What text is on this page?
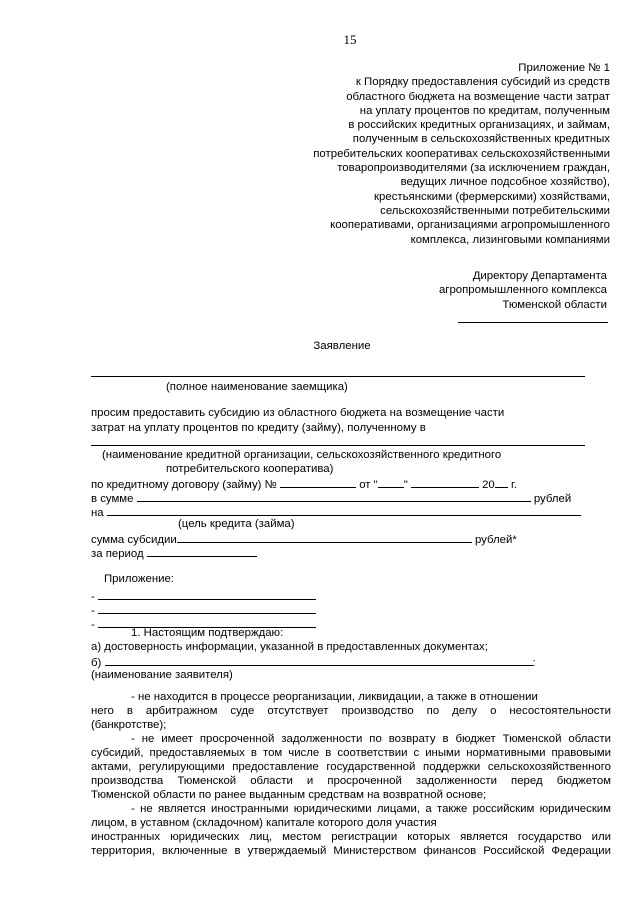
15
Приложение № 1
к Порядку предоставления субсидий из средств
областного бюджета на возмещение части затрат
на уплату процентов по кредитам, полученным
в российских кредитных организациях, и займам,
полученным в сельскохозяйственных кредитных
потребительских кооперативах сельскохозяйственными
товаропроизводителями (за исключением граждан,
ведущих личное подсобное хозяйство),
крестьянскими (фермерскими) хозяйствами,
сельскохозяйственными потребительскими
кооперативами, организациями агропромышленного
комплекса, лизинговыми компаниями
Директору Департамента
агропромышленного комплекса
Тюменской области
Заявление
(полное наименование заемщика)
просим предоставить субсидию из областного бюджета на возмещение части
затрат на уплату процентов по кредиту (займу), полученному в
(наименование кредитной организации, сельскохозяйственного кредитного
потребительского кооператива)
по кредитному договору (займу) №	от " "	20 г.
в сумме	рублей
на
(цель кредита (займа)
сумма субсидии	рублей*
за период
Приложение:
-
-
-
1. Настоящим подтверждаю:
а) достоверность информации, указанной в предоставленных документах;
б)	:
(наименование заявителя)
- не находится в процессе реорганизации, ликвидации, а также в отношении
него в арбитражном суде отсутствует производство по делу о несостоятельности
(банкротстве);
- не имеет просроченной задолженности по возврату в бюджет Тюменской области
субсидий, предоставляемых в том числе в соответствии с иными нормативными правовыми
актами, регулирующими предоставление государственной поддержки сельскохозяйственного
производства Тюменской области и просроченной задолженности перед бюджетом
Тюменской области по ранее выданным средствам на возвратной основе;
- не является иностранными юридическими лицами, а также российским юридическим
лицом, в уставном (складочном) капитале которого доля участия
иностранных юридических лиц, местом регистрации которых является государство или
территория, включенные в утверждаемый Министерством финансов Российской Федерации
